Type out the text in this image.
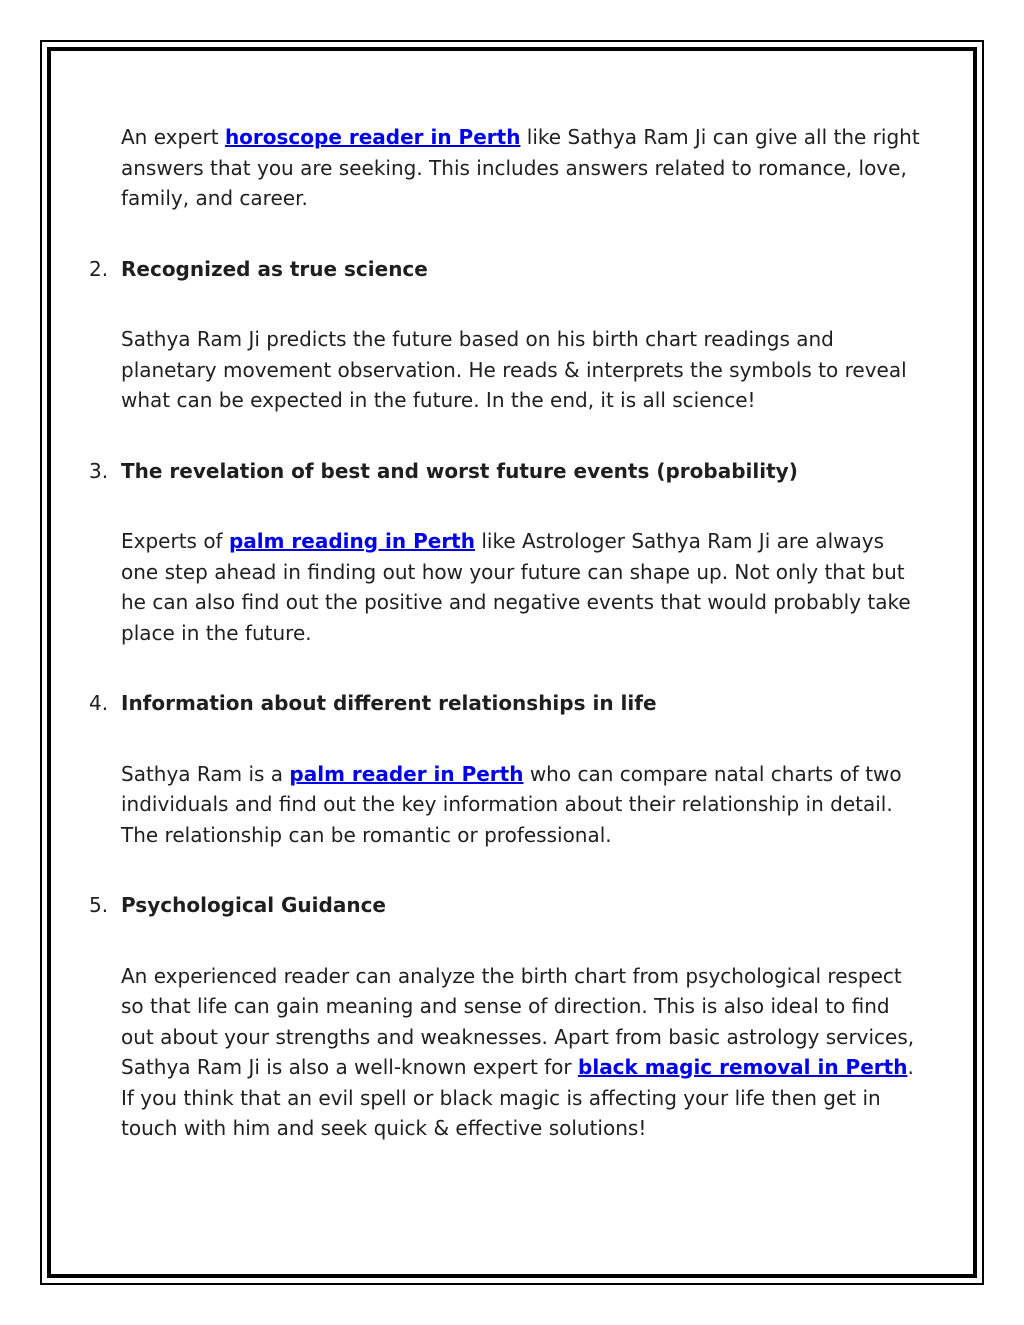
An expert horoscope reader in Perth like Sathya Ram Ji can give all the right answers that you are seeking. This includes answers related to romance, love, family, and career.

2. Recognized as true science

Sathya Ram Ji predicts the future based on his birth chart readings and planetary movement observation. He reads & interprets the symbols to reveal what can be expected in the future. In the end, it is all science!

3. The revelation of best and worst future events (probability)

Experts of palm reading in Perth like Astrologer Sathya Ram Ji are always one step ahead in finding out how your future can shape up. Not only that but he can also find out the positive and negative events that would probably take place in the future.

4. Information about different relationships in life

Sathya Ram is a palm reader in Perth who can compare natal charts of two individuals and find out the key information about their relationship in detail. The relationship can be romantic or professional.

5. Psychological Guidance

An experienced reader can analyze the birth chart from psychological respect so that life can gain meaning and sense of direction. This is also ideal to find out about your strengths and weaknesses. Apart from basic astrology services, Sathya Ram Ji is also a well-known expert for black magic removal in Perth. If you think that an evil spell or black magic is affecting your life then get in touch with him and seek quick & effective solutions!
